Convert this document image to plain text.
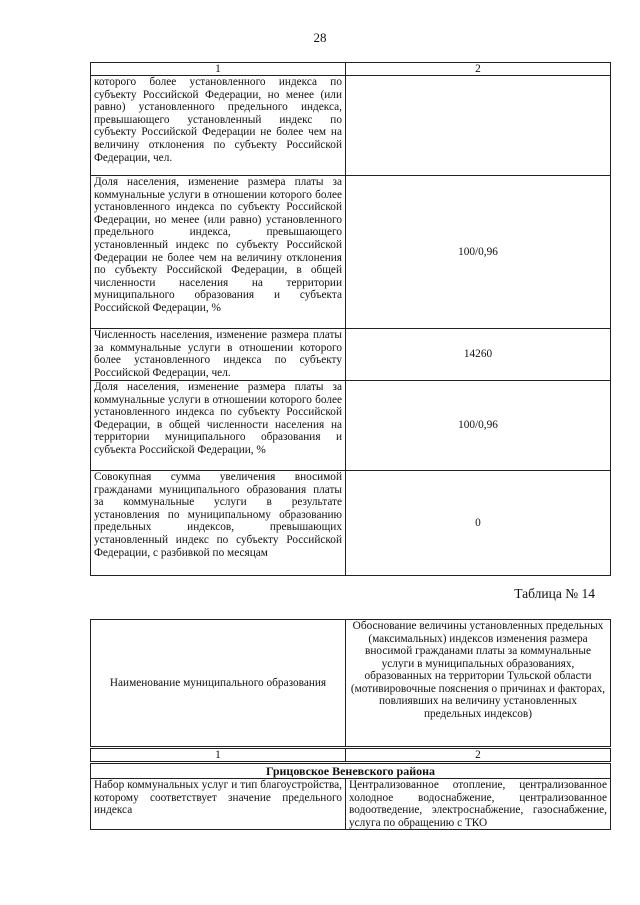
28
1	2
которого более установленного индекса по субъекту Российской Федерации, но менее (или равно) установленного предельного индекса, превышающего установленный индекс по субъекту Российской Федерации не более чем на величину отклонения по субъекту Российской Федерации, чел.	
Доля населения, изменение размера платы за коммунальные услуги в отношении которого более установленного индекса по субъекту Российской Федерации, но менее (или равно) установленного предельного индекса, превышающего установленный индекс по субъекту Российской Федерации не более чем на величину отклонения по субъекту Российской Федерации, в общей численности населения на территории муниципального образования и субъекта Российской Федерации, %	100/0,96
Численность населения, изменение размера платы за коммунальные услуги в отношении которого более установленного индекса по субъекту Российской Федерации, чел.	14260
Доля населения, изменение размера платы за коммунальные услуги в отношении которого более установленного индекса по субъекту Российской Федерации, в общей численности населения на территории муниципального образования и субъекта Российской Федерации, %	100/0,96
Совокупная сумма увеличения вносимой гражданами муниципального образования платы за коммунальные услуги в результате установления по муниципальному образованию предельных индексов, превышающих установленный индекс по субъекту Российской Федерации, с разбивкой по месяцам	0
Таблица № 14
Наименование муниципального образования	Обоснование величины установленных предельных (максимальных) индексов изменения размера вносимой гражданами платы за коммунальные услуги в муниципальных образованиях, образованных на территории Тульской области (мотивировочные пояснения о причинах и факторах, повлиявших на величину установленных предельных индексов)
1	2
Грицовское Веневского района	
Набор коммунальных услуг и тип благоустройства, которому соответствует значение предельного индекса	Централизованное отопление, централизованное холодное водоснабжение, централизованное водоотведение, электроснабжение, газоснабжение, услуга по обращению с ТКО
